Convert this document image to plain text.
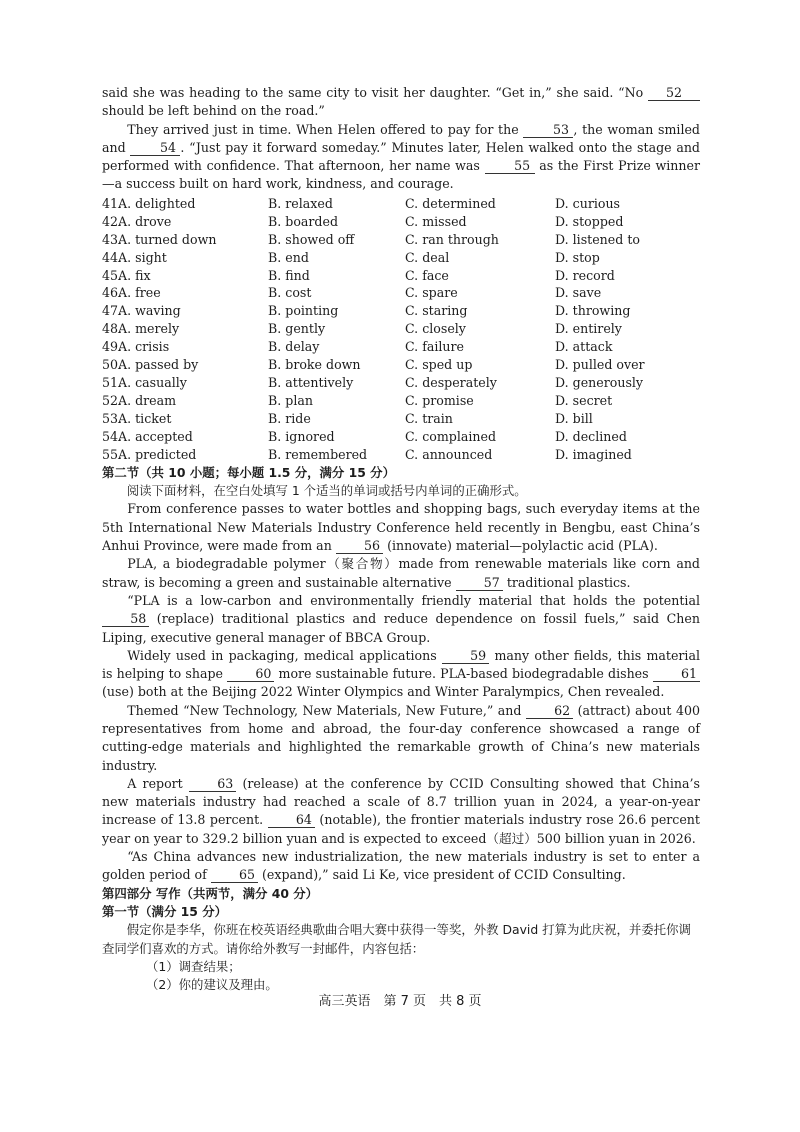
said she was heading to the same city to visit her daughter. “Get in,” she said. “No 52 should be left behind on the road.”

They arrived just in time. When Helen offered to pay for the	53 , the woman smiled and	54 . “Just pay it forward someday.” Minutes later, Helen walked onto the stage and performed with confidence. That afternoon, her name was	55 as the First Prize winner—a success built on hard work, kindness, and courage.

41.
A. delighted	B. relaxed	C. determined	D. curious
42.
A. drove	B. boarded	C. missed	D. stopped
43.
A. turned down	B. showed off	C. ran through	D. listened to
44.
A. sight	B. end	C. deal	D. stop
45.
A. fix	B. find	C. face	D. record
46.
A. free	B. cost	C. spare	D. save
47.
A. waving	B. pointing	C. staring	D. throwing
48.
A. merely	B. gently	C. closely	D. entirely
49.
A. crisis	B. delay	C. failure	D. attack
50.
A. passed by	B. broke down	C. sped up	D. pulled over
51.
A. casually	B. attentively	C. desperately	D. generously
52.
A. dream	B. plan	C. promise	D. secret
53.
A. ticket	B. ride	C. train	D. bill
54.
A. accepted	B. ignored	C. complained	D. declined
55.
A. predicted	B. remembered	C. announced	D. imagined

第二节（共 10 小题；每小题 1.5 分，满分 15 分）

阅读下面材料，在空白处填写 1 个适当的单词或括号内单词的正确形式。

From conference passes to water bottles and shopping bags, such everyday items at the 5th International New Materials Industry Conference held recently in Bengbu, east China’s Anhui Province, were made from an	56 (innovate) material—polylactic acid (PLA).

PLA, a biodegradable polymer（聚合物）made from renewable materials like corn and straw, is becoming a green and sustainable alternative	57 traditional plastics.

“PLA is a low-carbon and environmentally friendly material that holds the potential 58 (replace) traditional plastics and reduce dependence on fossil fuels,” said Chen Liping, executive general manager of BBCA Group.

Widely used in packaging, medical applications	59 many other fields, this material is helping to shape	60 more sustainable future. PLA-based biodegradable dishes	61 (use) both at the Beijing 2022 Winter Olympics and Winter Paralympics, Chen revealed.

Themed “New Technology, New Materials, New Future,” and	62 (attract) about 400 representatives from home and abroad, the four-day conference showcased a range of cutting-edge materials and highlighted the remarkable growth of China’s new materials industry.

A report	63 (release) at the conference by CCID Consulting showed that China’s new materials industry had reached a scale of 8.7 trillion yuan in 2024, a year-on-year increase of 13.8 percent.	64 (notable), the frontier materials industry rose 26.6 percent year on year to 329.2 billion yuan and is expected to exceed（超过）500 billion yuan in 2026.

“As China advances new industrialization, the new materials industry is set to enter a golden period of	65 (expand),” said Li Ke, vice president of CCID Consulting.

第四部分 写作（共两节，满分 40 分）

第一节（满分 15 分）

假定你是李华，你班在校英语经典歌曲合唱大赛中获得一等奖，外教 David 打算为此庆祝，并委托你调查同学们喜欢的方式。请你给外教写一封邮件，内容包括：

（1）调查结果；

（2）你的建议及理由。

高三英语　第 7 页　共 8 页
